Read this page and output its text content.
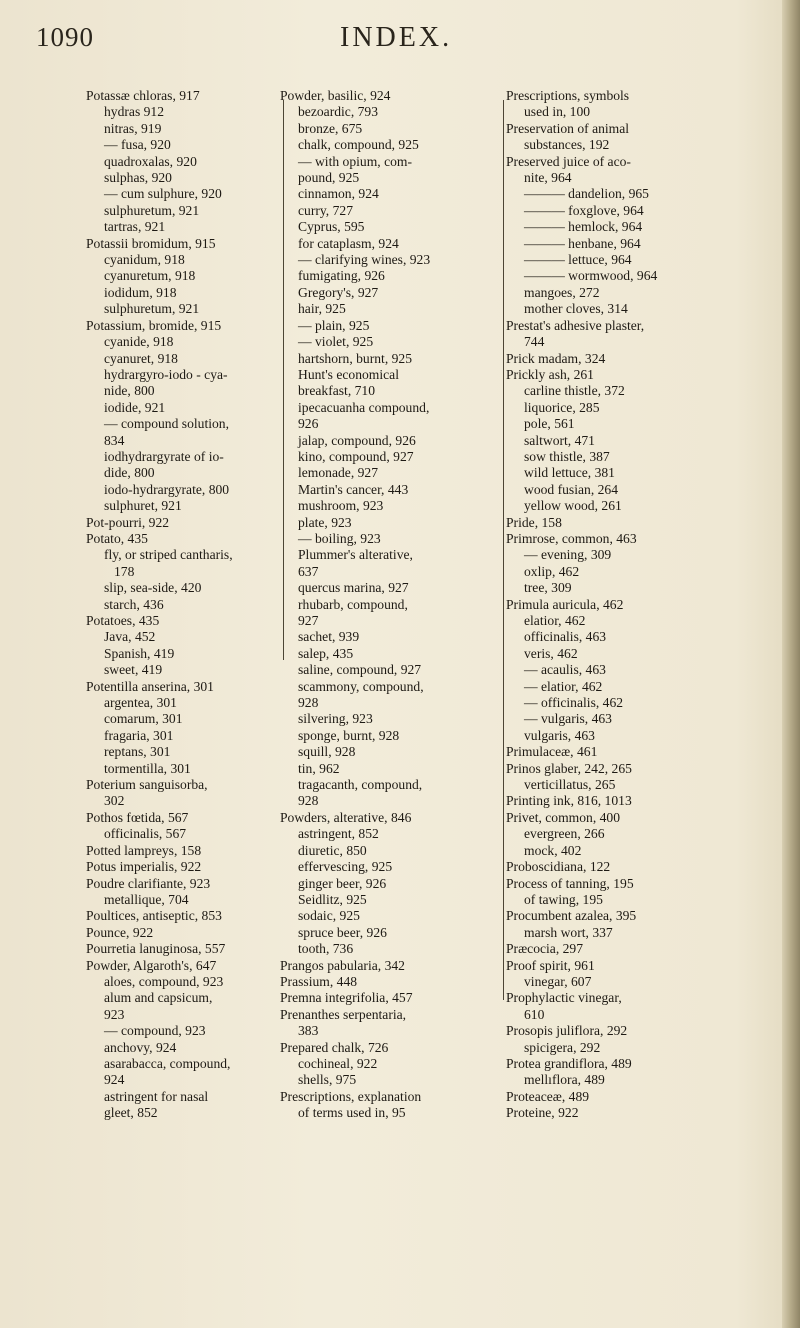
1090	INDEX.
Potassæ chloras, 917
hydras 912
nitras, 919
— fusa, 920
quadroxalas, 920
sulphas, 920
— cum sulphure, 920
sulphuretum, 921
tartras, 921
Potassii bromidum, 915
cyanidum, 918
cyanuretum, 918
iodidum, 918
sulphuretum, 921
Potassium, bromide, 915
cyanide, 918
cyanuret, 918
hydrargyro-iodo - cya-
nide, 800
iodide, 921
— compound solution,
834
iodhydrargyrate of io-
dide, 800
iodo-hydrargyrate, 800
sulphuret, 921
Pot-pourri, 922
Potato, 435
fly, or striped cantharis,
178
slip, sea-side, 420
starch, 436
Potatoes, 435
Java, 452
Spanish, 419
sweet, 419
Potentilla anserina, 301
argentea, 301
comarum, 301
fragaria, 301
reptans, 301
tormentilla, 301
Poterium sanguisorba,
302
Pothos fœtida, 567
officinalis, 567
Potted lampreys, 158
Potus imperialis, 922
Poudre clarifiante, 923
metallique, 704
Poultices, antiseptic, 853
Pounce, 922
Pourretia lanuginosa, 557
Powder, Algaroth's, 647
aloes, compound, 923
alum and capsicum,
923
— compound, 923
anchovy, 924
asarabacca, compound,
924
astringent for nasal
gleet, 852
Powder, basilic, 924
bezoardic, 793
bronze, 675
chalk, compound, 925
— with opium, com-
pound, 925
cinnamon, 924
curry, 727
Cyprus, 595
for cataplasm, 924
— clarifying wines, 923
fumigating, 926
Gregory's, 927
hair, 925
— plain, 925
— violet, 925
hartshorn, burnt, 925
Hunt's economical
breakfast, 710
ipecacuanha compound,
926
jalap, compound, 926
kino, compound, 927
lemonade, 927
Martin's cancer, 443
mushroom, 923
plate, 923
— boiling, 923
Plummer's alterative,
637
quercus marina, 927
rhubarb, compound,
927
sachet, 939
salep, 435
saline, compound, 927
scammony, compound,
928
silvering, 923
sponge, burnt, 928
squill, 928
tin, 962
tragacanth, compound,
928
Powders, alterative, 846
astringent, 852
diuretic, 850
effervescing, 925
ginger beer, 926
Seidlitz, 925
sodaic, 925
spruce beer, 926
tooth, 736
Prangos pabularia, 342
Prassium, 448
Premna integrifolia, 457
Prenanthes serpentaria,
383
Prepared chalk, 726
cochineal, 922
shells, 975
Prescriptions, explanation
of terms used in, 95
Prescriptions, symbols
used in, 100
Preservation of animal
substances, 192
Preserved juice of aco-
nite, 964
——— dandelion, 965
——— foxglove, 964
——— hemlock, 964
——— henbane, 964
——— lettuce, 964
——— wormwood, 964
mangoes, 272
mother cloves, 314
Prestat's adhesive plaster,
744
Prick madam, 324
Prickly ash, 261
carline thistle, 372
liquorice, 285
pole, 561
saltwort, 471
sow thistle, 387
wild lettuce, 381
wood fusian, 264
yellow wood, 261
Pride, 158
Primrose, common, 463
— evening, 309
oxlip, 462
tree, 309
Primula auricula, 462
elatior, 462
officinalis, 463
veris, 462
— acaulis, 463
— elatior, 462
— officinalis, 462
— vulgaris, 463
vulgaris, 463
Primulaceæ, 461
Prinos glaber, 242, 265
verticillatus, 265
Printing ink, 816, 1013
Privet, common, 400
evergreen, 266
mock, 402
Proboscidiana, 122
Process of tanning, 195
of tawing, 195
Procumbent azalea, 395
marsh wort, 337
Præcocia, 297
Proof spirit, 961
vinegar, 607
Prophylactic vinegar,
610
Prosopis juliflora, 292
spicigera, 292
Protea grandiflora, 489
mellıflora, 489
Proteaceæ, 489
Proteine, 922
